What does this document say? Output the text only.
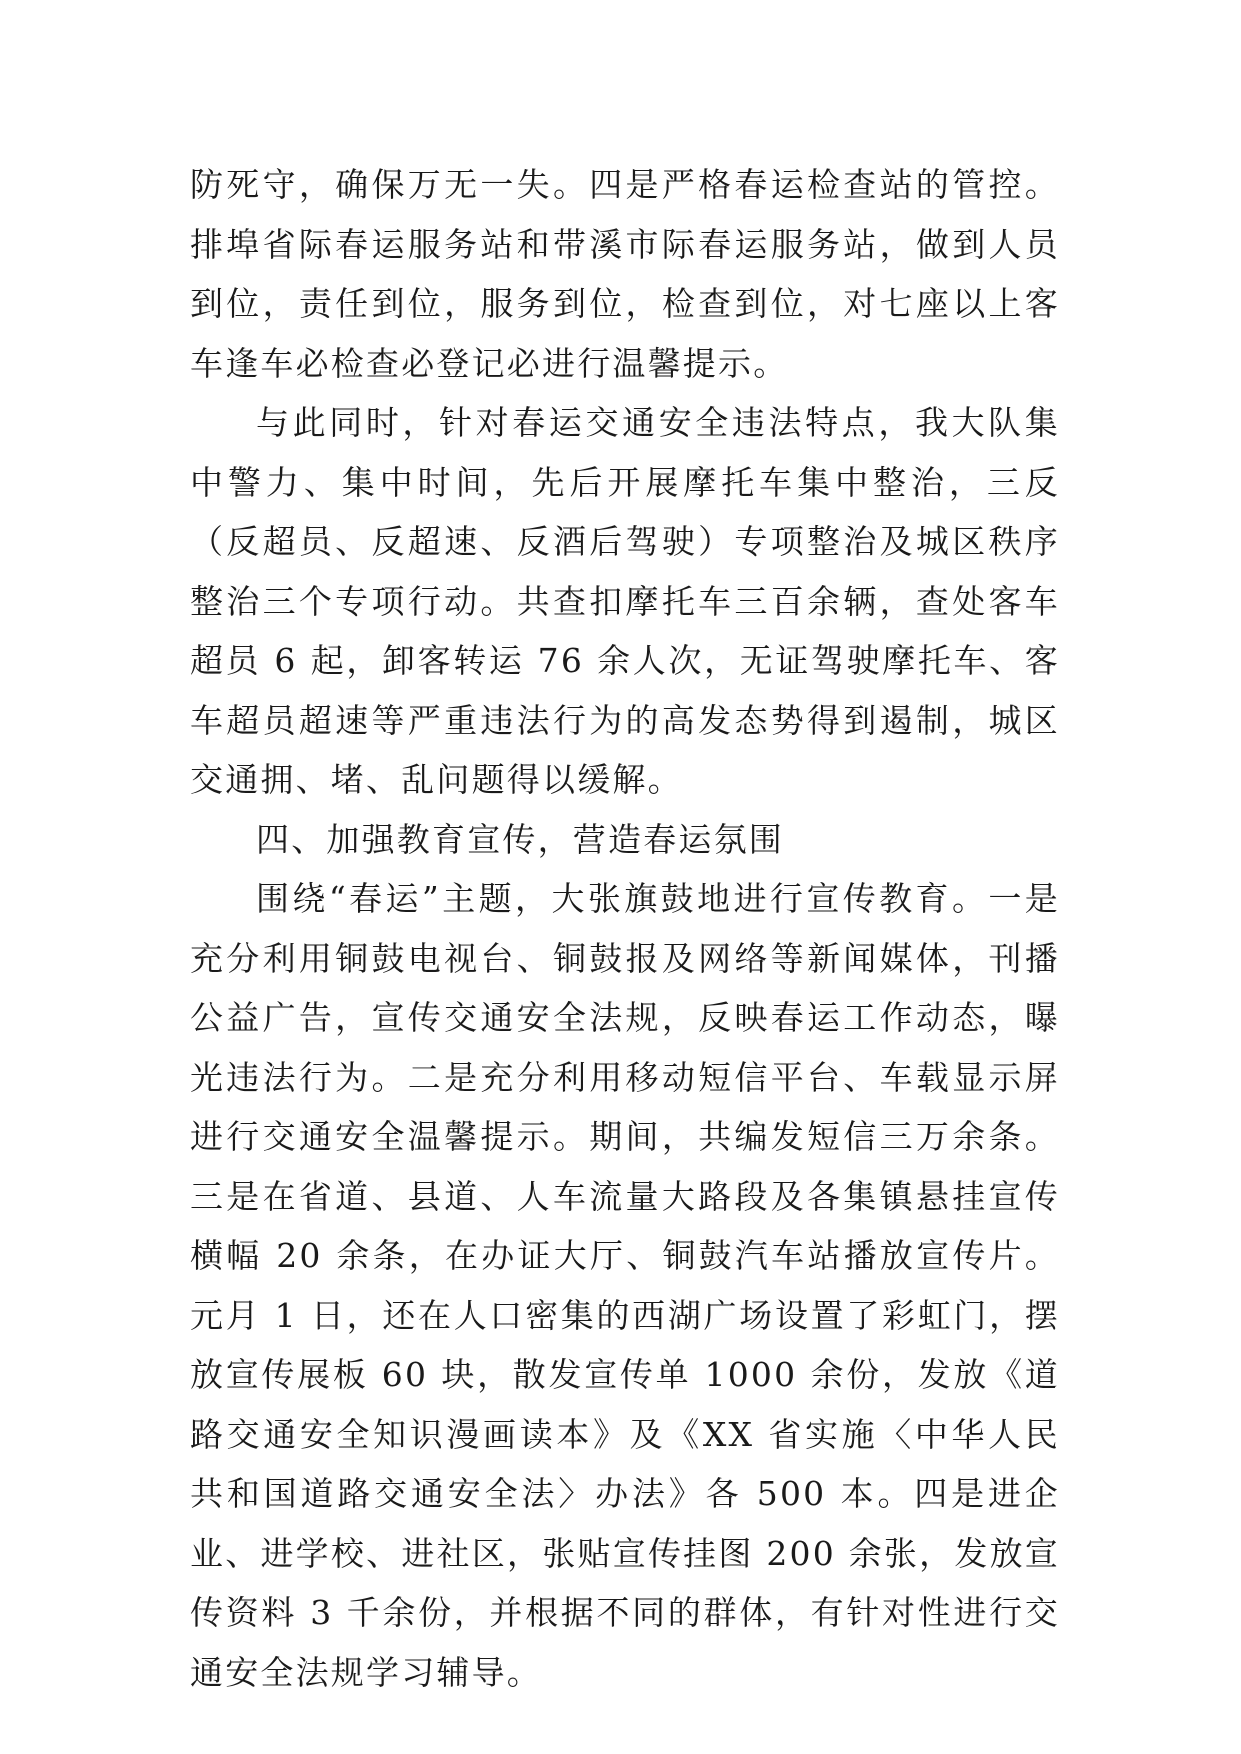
防死守，确保万无一失。四是严格春运检查站的管控。排埠省际春运服务站和带溪市际春运服务站，做到人员到位，责任到位，服务到位，检查到位，对七座以上客车逢车必检查必登记必进行温馨提示。

与此同时，针对春运交通安全违法特点，我大队集中警力、集中时间，先后开展摩托车集中整治，三反（反超员、反超速、反酒后驾驶）专项整治及城区秩序整治三个专项行动。共查扣摩托车三百余辆，查处客车超员 6 起，卸客转运 76 余人次，无证驾驶摩托车、客车超员超速等严重违法行为的高发态势得到遏制，城区交通拥、堵、乱问题得以缓解。

四、加强教育宣传，营造春运氛围

围绕“春运”主题，大张旗鼓地进行宣传教育。一是充分利用铜鼓电视台、铜鼓报及网络等新闻媒体，刊播公益广告，宣传交通安全法规，反映春运工作动态，曝光违法行为。二是充分利用移动短信平台、车载显示屏进行交通安全温馨提示。期间，共编发短信三万余条。三是在省道、县道、人车流量大路段及各集镇悬挂宣传横幅 20 余条，在办证大厅、铜鼓汽车站播放宣传片。元月 1 日，还在人口密集的西湖广场设置了彩虹门，摆放宣传展板 60 块，散发宣传单 1000 余份，发放《道路交通安全知识漫画读本》及《XX 省实施〈中华人民共和国道路交通安全法〉办法》各 500 本。四是进企业、进学校、进社区，张贴宣传挂图 200 余张，发放宣传资料 3 千余份，并根据不同的群体，有针对性进行交通安全法规学习辅导。
